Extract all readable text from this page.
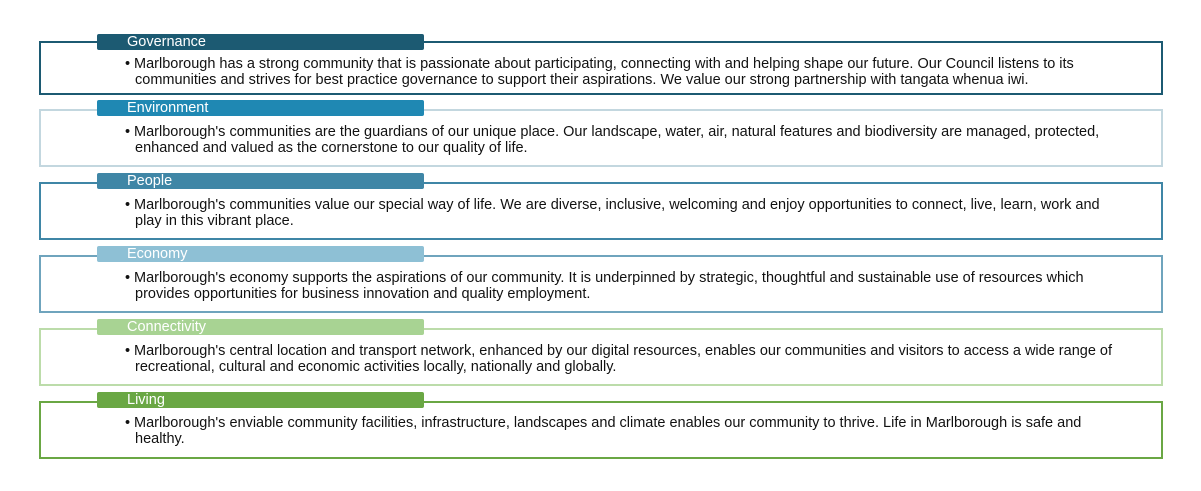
Governance
• Marlborough has a strong community that is passionate about participating, connecting with and helping shape our future. Our Council listens to its communities and strives for best practice governance to support their aspirations. We value our strong partnership with tangata whenua iwi.
Environment
• Marlborough's communities are the guardians of our unique place. Our landscape, water, air, natural features and biodiversity are managed, protected, enhanced and valued as the cornerstone to our quality of life.
People
• Marlborough's communities value our special way of life. We are diverse, inclusive, welcoming and enjoy opportunities to connect, live, learn, work and play in this vibrant place.
Economy
• Marlborough's economy supports the aspirations of our community. It is underpinned by strategic, thoughtful and sustainable use of resources which provides opportunities for business innovation and quality employment.
Connectivity
• Marlborough's central location and transport network, enhanced by our digital resources, enables our communities and visitors to access a wide range of recreational, cultural and economic activities locally, nationally and globally.
Living
• Marlborough's enviable community facilities, infrastructure, landscapes and climate enables our community to thrive. Life in Marlborough is safe and healthy.
